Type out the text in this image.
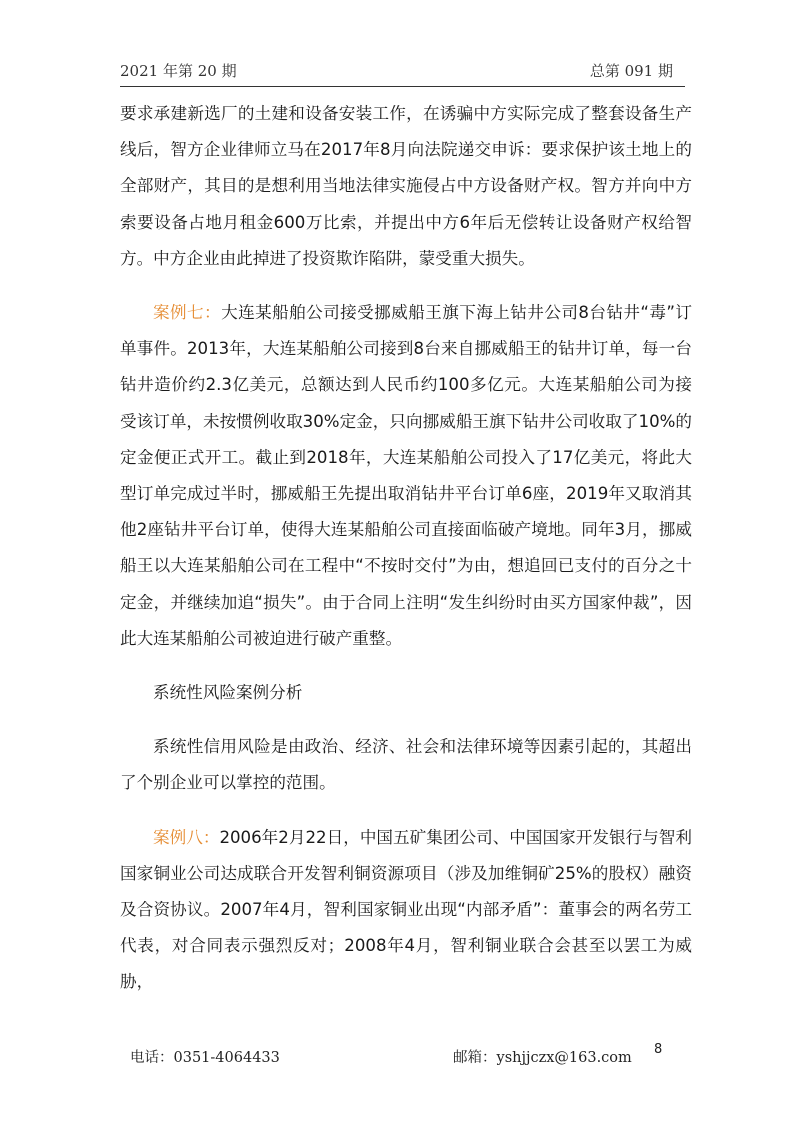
2021 年第 20 期	总第 091 期

要求承建新选厂的土建和设备安装工作，在诱骗中方实际完成了整套设备生产线后，智方企业律师立马在2017年8月向法院递交申诉：要求保护该土地上的全部财产，其目的是想利用当地法律实施侵占中方设备财产权。智方并向中方索要设备占地月租金600万比索，并提出中方6年后无偿转让设备财产权给智方。中方企业由此掉进了投资欺诈陷阱，蒙受重大损失。

案例七：大连某船舶公司接受挪威船王旗下海上钻井公司8台钻井“毒”订单事件。2013年，大连某船舶公司接到8台来自挪威船王的钻井订单，每一台钻井造价约2.3亿美元，总额达到人民币约100多亿元。大连某船舶公司为接受该订单，未按惯例收取30%定金，只向挪威船王旗下钻井公司收取了10%的定金便正式开工。截止到2018年，大连某船舶公司投入了17亿美元，将此大型订单完成过半时，挪威船王先提出取消钻井平台订单6座，2019年又取消其他2座钻井平台订单，使得大连某船舶公司直接面临破产境地。同年3月，挪威船王以大连某船舶公司在工程中“不按时交付”为由，想追回已支付的百分之十定金，并继续加追“损失”。由于合同上注明“发生纠纷时由买方国家仲裁”，因此大连某船舶公司被迫进行破产重整。

系统性风险案例分析

系统性信用风险是由政治、经济、社会和法律环境等因素引起的，其超出了个别企业可以掌控的范围。

案例八：2006年2月22日，中国五矿集团公司、中国国家开发银行与智利国家铜业公司达成联合开发智利铜资源项目（涉及加维铜矿25%的股权）融资及合资协议。2007年4月，智利国家铜业出现“内部矛盾”：董事会的两名劳工代表，对合同表示强烈反对；2008年4月，智利铜业联合会甚至以罢工为威胁，

电话：0351-4064433	邮箱：yshjjczx@163.com
8
